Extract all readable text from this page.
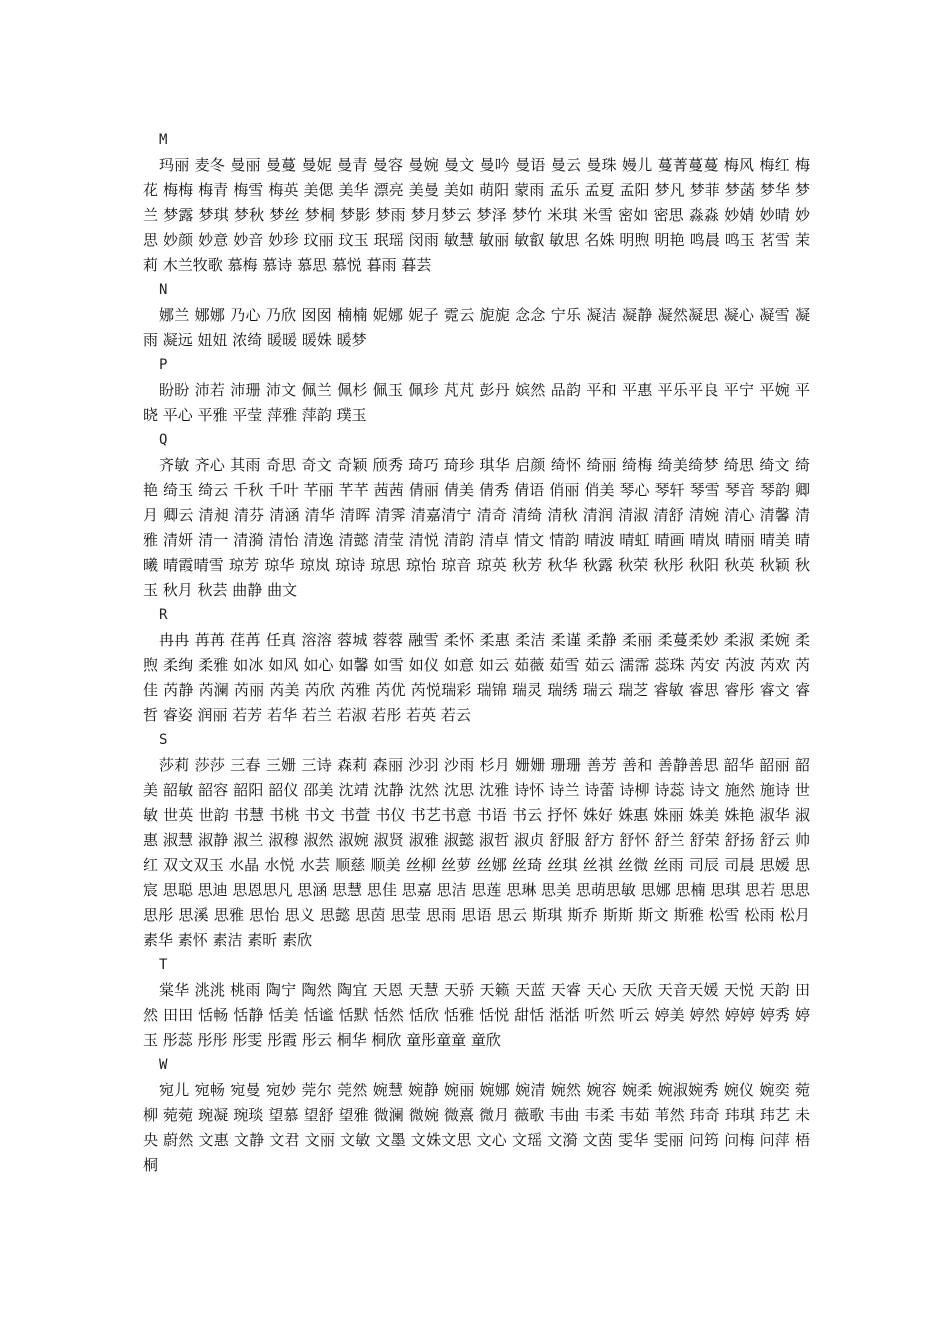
M

玛丽 麦冬 曼丽 曼蔓 曼妮 曼青 曼容 曼婉 曼文 曼吟 曼语 曼云 曼珠 嫚儿 蔓菁蔓蔓 梅风 梅红 梅花 梅梅 梅青 梅雪 梅英 美偲 美华 漂亮 美曼 美如 萌阳 蒙雨 孟乐 孟夏 孟阳 梦凡 梦菲 梦菡 梦华 梦兰 梦露 梦琪 梦秋 梦丝 梦桐 梦影 梦雨 梦月梦云 梦泽 梦竹 米琪 米雪 密如 密思 淼淼 妙婧 妙晴 妙思 妙颜 妙意 妙音 妙珍 玟丽 玟玉 珉瑶 闵雨 敏慧 敏丽 敏叡 敏思 名姝 明煦 明艳 鸣晨 鸣玉 茗雪 茉莉 木兰牧歌 慕梅 慕诗 慕思 慕悦 暮雨 暮芸

N

娜兰 娜娜 乃心 乃欣 囡囡 楠楠 妮娜 妮子 霓云 旎旎 念念 宁乐 凝洁 凝静 凝然凝思 凝心 凝雪 凝雨 凝远 妞妞 浓绮 暖暖 暖姝 暖梦

P

盼盼 沛若 沛珊 沛文 佩兰 佩杉 佩玉 佩珍 芃芃 彭丹 嫔然 品韵 平和 平惠 平乐平良 平宁 平婉 平晓 平心 平雅 平莹 萍雅 萍韵 璞玉

Q

齐敏 齐心 其雨 奇思 奇文 奇颖 颀秀 琦巧 琦珍 琪华 启颜 绮怀 绮丽 绮梅 绮美绮梦 绮思 绮文 绮艳 绮玉 绮云 千秋 千叶 芊丽 芊芊 茜茜 倩丽 倩美 倩秀 倩语 俏丽 俏美 琴心 琴轩 琴雪 琴音 琴韵 卿月 卿云 清昶 清芬 清涵 清华 清晖 清霁 清嘉清宁 清奇 清绮 清秋 清润 清淑 清舒 清婉 清心 清馨 清雅 清妍 清一 清漪 清怡 清逸 清懿 清莹 清悦 清韵 清卓 情文 情韵 晴波 晴虹 晴画 晴岚 晴丽 晴美 晴曦 晴霞晴雪 琼芳 琼华 琼岚 琼诗 琼思 琼怡 琼音 琼英 秋芳 秋华 秋露 秋荣 秋彤 秋阳 秋英 秋颖 秋玉 秋月 秋芸 曲静 曲文

R

冉冉 苒苒 荏苒 任真 溶溶 蓉城 蓉蓉 融雪 柔怀 柔惠 柔洁 柔谨 柔静 柔丽 柔蔓柔妙 柔淑 柔婉 柔煦 柔绚 柔雅 如冰 如风 如心 如馨 如雪 如仪 如意 如云 茹薇 茹雪 茹云 濡霈 蕊珠 芮安 芮波 芮欢 芮佳 芮静 芮澜 芮丽 芮美 芮欣 芮雅 芮优 芮悦瑞彩 瑞锦 瑞灵 瑞绣 瑞云 瑞芝 睿敏 睿思 睿彤 睿文 睿哲 睿姿 润丽 若芳 若华 若兰 若淑 若彤 若英 若云

S

莎莉 莎莎 三春 三姗 三诗 森莉 森丽 沙羽 沙雨 杉月 姗姗 珊珊 善芳 善和 善静善思 韶华 韶丽 韶美 韶敏 韶容 韶阳 韶仪 邵美 沈靖 沈静 沈然 沈思 沈雅 诗怀 诗兰 诗蕾 诗柳 诗蕊 诗文 施然 施诗 世敏 世英 世韵 书慧 书桃 书文 书萱 书仪 书艺书意 书语 书云 抒怀 姝好 姝惠 姝丽 姝美 姝艳 淑华 淑惠 淑慧 淑静 淑兰 淑穆 淑然 淑婉 淑贤 淑雅 淑懿 淑哲 淑贞 舒服 舒方 舒怀 舒兰 舒荣 舒扬 舒云 帅红 双文双玉 水晶 水悦 水芸 顺慈 顺美 丝柳 丝萝 丝娜 丝琦 丝琪 丝祺 丝微 丝雨 司辰 司晨 思嫒 思宸 思聪 思迪 思恩思凡 思涵 思慧 思佳 思嘉 思洁 思莲 思琳 思美 思萌思敏 思娜 思楠 思琪 思若 思思 思彤 思溪 思雅 思怡 思义 思懿 思茵 思莹 思雨 思语 思云 斯琪 斯乔 斯斯 斯文 斯雅 松雪 松雨 松月 素华 素怀 素洁 素昕 素欣

T

棠华 洮洮 桃雨 陶宁 陶然 陶宜 天恩 天慧 天骄 天籁 天蓝 天睿 天心 天欣 天音天媛 天悦 天韵 田然 田田 恬畅 恬静 恬美 恬谧 恬默 恬然 恬欣 恬雅 恬悦 甜恬 湉湉 听然 听云 婷美 婷然 婷婷 婷秀 婷玉 彤蕊 彤彤 彤雯 彤霞 彤云 桐华 桐欣 童彤童童 童欣

W

宛儿 宛畅 宛曼 宛妙 莞尔 莞然 婉慧 婉静 婉丽 婉娜 婉清 婉然 婉容 婉柔 婉淑婉秀 婉仪 婉奕 菀柳 菀菀 琬凝 琬琰 望慕 望舒 望雅 微澜 微婉 微熹 微月 薇歌 韦曲 韦柔 韦茹 苇然 玮奇 玮琪 玮艺 未央 蔚然 文惠 文静 文君 文丽 文敏 文墨 文姝文思 文心 文瑶 文漪 文茵 雯华 雯丽 问筠 问梅 问萍 梧桐
